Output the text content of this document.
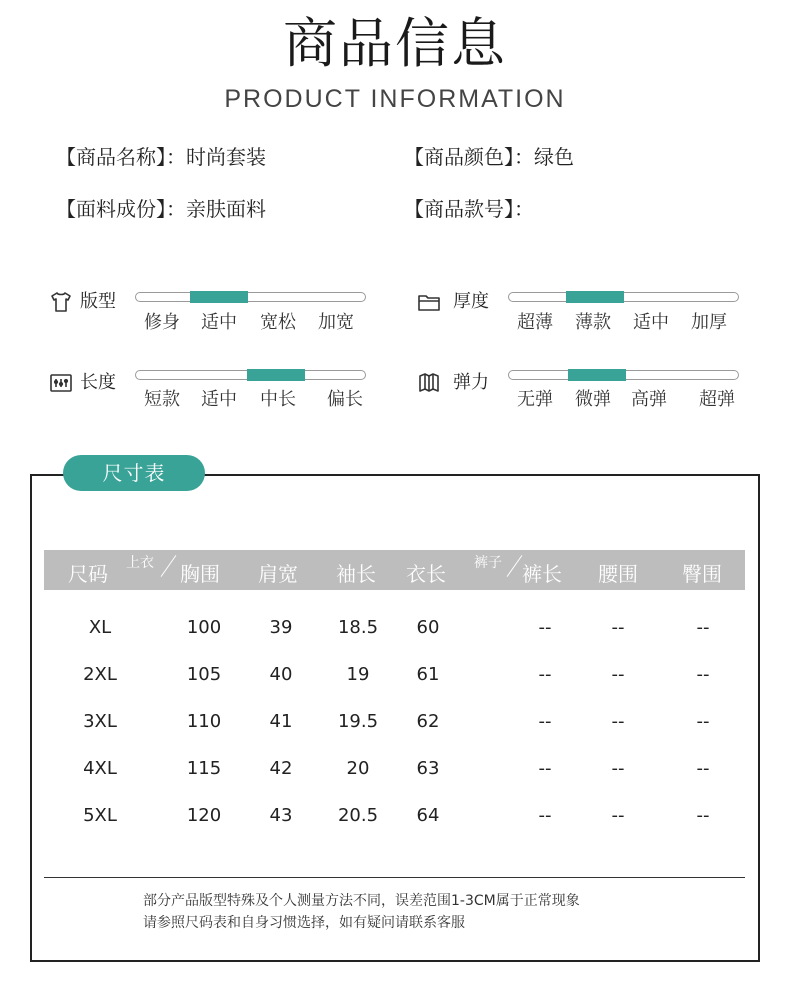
商品信息
PRODUCT INFORMATION
【商品名称】：时尚套装	【商品颜色】：绿色
【面料成份】：亲肤面料	【商品款号】：
版型
修身	适中	宽松	加宽
厚度
超薄	薄款	适中	加厚
长度
短款	适中	中长	偏长
弹力
无弹	微弹	高弹	超弹
尺寸表
尺码	上衣	胸围	肩宽	袖长	衣长	裤子	裤长	腰围	臀围
XL	100	39	18.5	60	--	--	--
2XL	105	40	19	61	--	--	--
3XL	110	41	19.5	62	--	--	--
4XL	115	42	20	63	--	--	--
5XL	120	43	20.5	64	--	--	--
部分产品版型特殊及个人测量方法不同，误差范围1-3CM属于正常现象
请参照尺码表和自身习惯选择，如有疑问请联系客服
